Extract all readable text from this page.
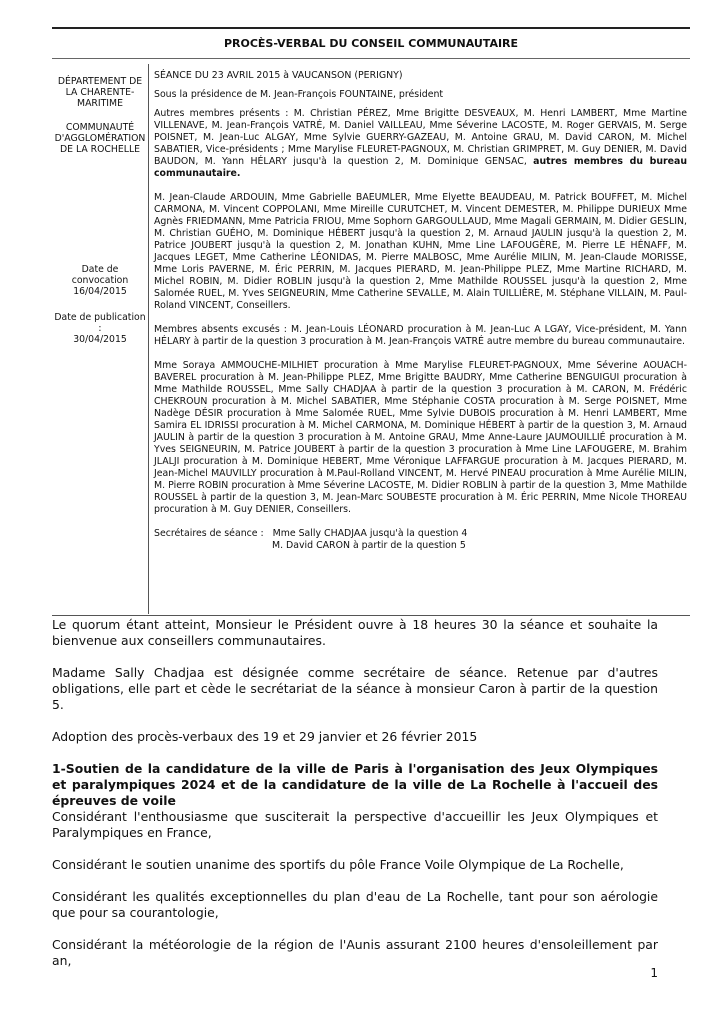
PROCÈS-VERBAL DU CONSEIL COMMUNAUTAIRE
DÉPARTEMENT DE LA CHARENTE-MARITIME
COMMUNAUTÉ D'AGGLOMÉRATION DE LA ROCHELLE
Date de convocation
16/04/2015
Date de publication :
30/04/2015

SÉANCE DU 23 AVRIL 2015 à VAUCANSON (PERIGNY)

Sous la présidence de M. Jean-François FOUNTAINE, président

Autres membres présents : M. Christian PÉREZ, Mme Brigitte DESVEAUX, M. Henri LAMBERT, Mme Martine VILLENAVE, M. Jean-François VATRÉ, M. Daniel VAILLEAU, Mme Séverine LACOSTE, M. Roger GERVAIS, M. Serge POISNET, M. Jean-Luc ALGAY, Mme Sylvie GUERRY-GAZEAU, M. Antoine GRAU, M. David CARON, M. Michel SABATIER, Vice-présidents ; Mme Marylise FLEURET-PAGNOUX, M. Christian GRIMPRET, M. Guy DENIER, M. David BAUDON, M. Yann HÉLARY jusqu'à la question 2, M. Dominique GENSAC, autres membres du bureau communautaire.

M. Jean-Claude ARDOUIN, Mme Gabrielle BAEUMLER, Mme Elyette BEAUDEAU, M. Patrick BOUFFET, M. Michel CARMONA, M. Vincent COPPOLANI, Mme Mireille CURUTCHET, M. Vincent DEMESTER, M. Philippe DURIEUX Mme Agnès FRIEDMANN, Mme Patricia FRIOU, Mme Sophorn GARGOULLAUD, Mme Magali GERMAIN, M. Didier GESLIN, M. Christian GUÉHO, M. Dominique HÉBERT jusqu'à la question 2, M. Arnaud JAULIN jusqu'à la question 2, M. Patrice JOUBERT jusqu'à la question 2, M. Jonathan KUHN, Mme Line LAFOUGÈRE, M. Pierre LE HÉNAFF, M. Jacques LEGET, Mme Catherine LÉONIDAS, M. Pierre MALBOSC, Mme Aurélie MILIN, M. Jean-Claude MORISSE, Mme Loris PAVERNE, M. Éric PERRIN, M. Jacques PIERARD, M. Jean-Philippe PLEZ, Mme Martine RICHARD, M. Michel ROBIN, M. Didier ROBLIN jusqu'à la question 2, Mme Mathilde ROUSSEL jusqu'à la question 2, Mme Salomée RUEL, M. Yves SEIGNEURIN, Mme Catherine SEVALLE, M. Alain TUILLIÈRE, M. Stéphane VILLAIN, M. Paul-Roland VINCENT, Conseillers.

Membres absents excusés : M. Jean-Louis LÉONARD procuration à M. Jean-Luc A LGAY, Vice-président, M. Yann HÉLARY à partir de la question 3 procuration à M. Jean-François VATRÉ autre membre du bureau communautaire.

Mme Soraya AMMOUCHE-MILHIET procuration à Mme Marylise FLEURET-PAGNOUX, Mme Séverine AOUACH-BAVEREL procuration à M. Jean-Philippe PLEZ, Mme Brigitte BAUDRY, Mme Catherine BENGUIGUI procuration à Mme Mathilde ROUSSEL, Mme Sally CHADJAA à partir de la question 3 procuration à M. CARON, M. Frédéric CHEKROUN procuration à M. Michel SABATIER, Mme Stéphanie COSTA procuration à M. Serge POISNET, Mme Nadège DÉSIR procuration à Mme Salomée RUEL, Mme Sylvie DUBOIS procuration à M. Henri LAMBERT, Mme Samira EL IDRISSI procuration à M. Michel CARMONA, M. Dominique HÉBERT à partir de la question 3, M. Arnaud JAULIN à partir de la question 3 procuration à M. Antoine GRAU, Mme Anne-Laure JAUMOUILLIÉ procuration à M. Yves SEIGNEURIN, M. Patrice JOUBERT à partir de la question 3 procuration à Mme Line LAFOUGERE, M. Brahim JLALJI procuration à M. Dominique HEBERT, Mme Véronique LAFFARGUE procuration à M. Jacques PIERARD, M. Jean-Michel MAUVILLY procuration à M.Paul-Rolland VINCENT, M. Hervé PINEAU procuration à Mme Aurélie MILIN, M. Pierre ROBIN procuration à Mme Séverine LACOSTE, M. Didier ROBLIN à partir de la question 3, Mme Mathilde ROUSSEL à partir de la question 3, M. Jean-Marc SOUBESTE procuration à M. Éric PERRIN, Mme Nicole THOREAU procuration à M. Guy DENIER, Conseillers.

Secrétaires de séance :   Mme Sally CHADJAA jusqu'à la question 4
M. David CARON à partir de la question 5

Le quorum étant atteint, Monsieur le Président ouvre à 18 heures 30 la séance et souhaite la bienvenue aux conseillers communautaires.

Madame Sally Chadjaa est désignée comme secrétaire de séance. Retenue par d'autres obligations, elle part et cède le secrétariat de la séance à monsieur Caron à partir de la question 5.

Adoption des procès-verbaux des 19 et 29 janvier et 26 février 2015

1-Soutien de la candidature de la ville de Paris à l'organisation des Jeux Olympiques et paralympiques 2024 et de la candidature de la ville de La Rochelle à l'accueil des épreuves de voile

Considérant l'enthousiasme que susciterait la perspective d'accueillir les Jeux Olympiques et Paralympiques en France,

Considérant le soutien unanime des sportifs du pôle France Voile Olympique de La Rochelle,

Considérant les qualités exceptionnelles du plan d'eau de La Rochelle, tant pour son aérologie que pour sa courantologie,

Considérant la météorologie de la région de l'Aunis assurant 2100 heures d'ensoleillement par an,

1
